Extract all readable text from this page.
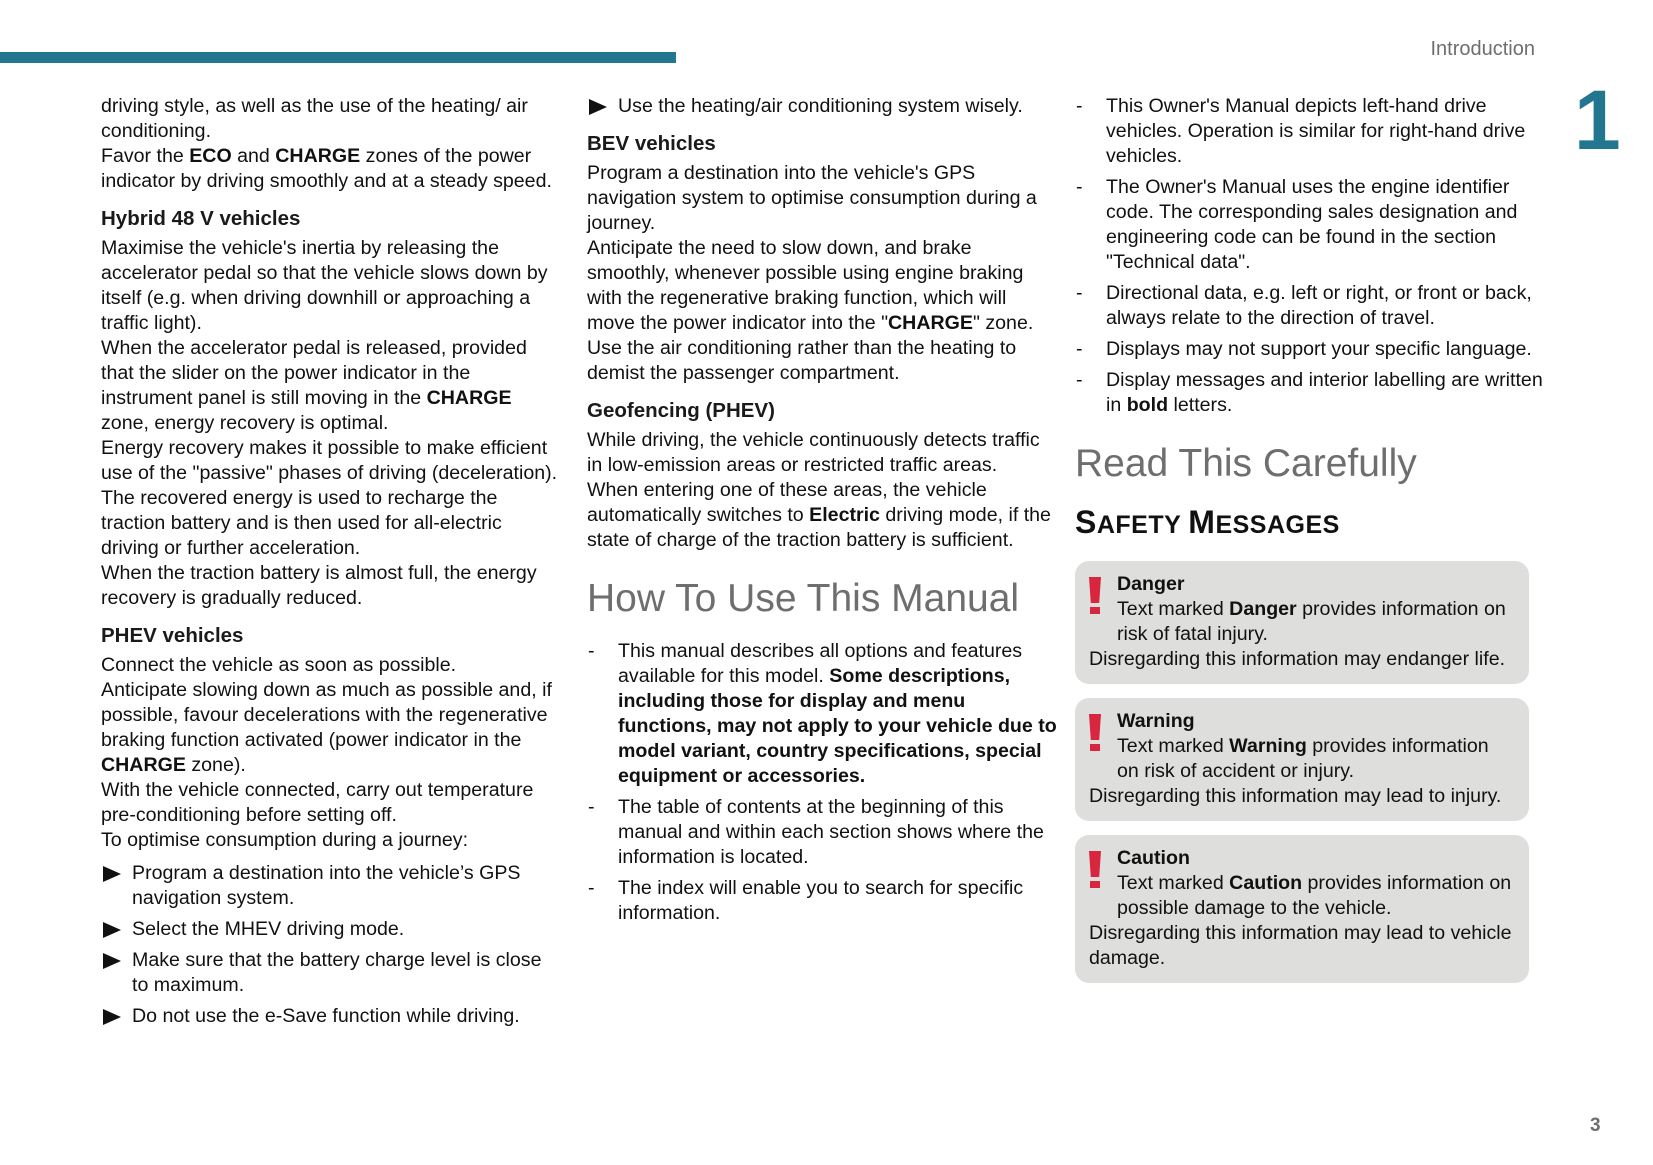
Introduction
1

driving style, as well as the use of the heating/ air conditioning.

Favor the ECO and CHARGE zones of the power indicator by driving smoothly and at a steady speed.

Hybrid 48 V vehicles

Maximise the vehicle's inertia by releasing the accelerator pedal so that the vehicle slows down by itself (e.g. when driving downhill or approaching a traffic light).

When the accelerator pedal is released, provided that the slider on the power indicator in the instrument panel is still moving in the CHARGE zone, energy recovery is optimal.

Energy recovery makes it possible to make efficient use of the "passive" phases of driving (deceleration).

The recovered energy is used to recharge the traction battery and is then used for all-electric driving or further acceleration.

When the traction battery is almost full, the energy recovery is gradually reduced.

PHEV vehicles

Connect the vehicle as soon as possible.

Anticipate slowing down as much as possible and, if possible, favour decelerations with the regenerative braking function activated (power indicator in the CHARGE zone).

With the vehicle connected, carry out temperature pre-conditioning before setting off.

To optimise consumption during a journey:

Program a destination into the vehicle’s GPS navigation system.
Select the MHEV driving mode.
Make sure that the battery charge level is close to maximum.
Do not use the e-Save function while driving.
Use the heating/air conditioning system wisely.
BEV vehicles

Program a destination into the vehicle's GPS navigation system to optimise consumption during a journey.

Anticipate the need to slow down, and brake smoothly, whenever possible using engine braking with the regenerative braking function, which will move the power indicator into the "CHARGE" zone.

Use the air conditioning rather than the heating to demist the passenger compartment.

Geofencing (PHEV)

While driving, the vehicle continuously detects traffic in low-emission areas or restricted traffic areas.

When entering one of these areas, the vehicle automatically switches to Electric driving mode, if the state of charge of the traction battery is sufficient.

How To Use This Manual
- This manual describes all options and features available for this model. Some descriptions, including those for display and menu functions, may not apply to your vehicle due to model variant, country specifications, special equipment or accessories.
- The table of contents at the beginning of this manual and within each section shows where the information is located.
- The index will enable you to search for specific information.
- This Owner's Manual depicts left-hand drive vehicles. Operation is similar for right-hand drive vehicles.
- The Owner's Manual uses the engine identifier code. The corresponding sales designation and engineering code can be found in the section "Technical data".
- Directional data, e.g. left or right, or front or back, always relate to the direction of travel.
- Displays may not support your specific language.
- Display messages and interior labelling are written in bold letters.
Read This Carefully
SAFETY MESSAGES
Danger
Text marked Danger provides information on risk of fatal injury.
Disregarding this information may endanger life.
Warning
Text marked Warning provides information on risk of accident or injury.
Disregarding this information may lead to injury.
Caution
Text marked Caution provides information on possible damage to the vehicle.
Disregarding this information may lead to vehicle damage.
3
